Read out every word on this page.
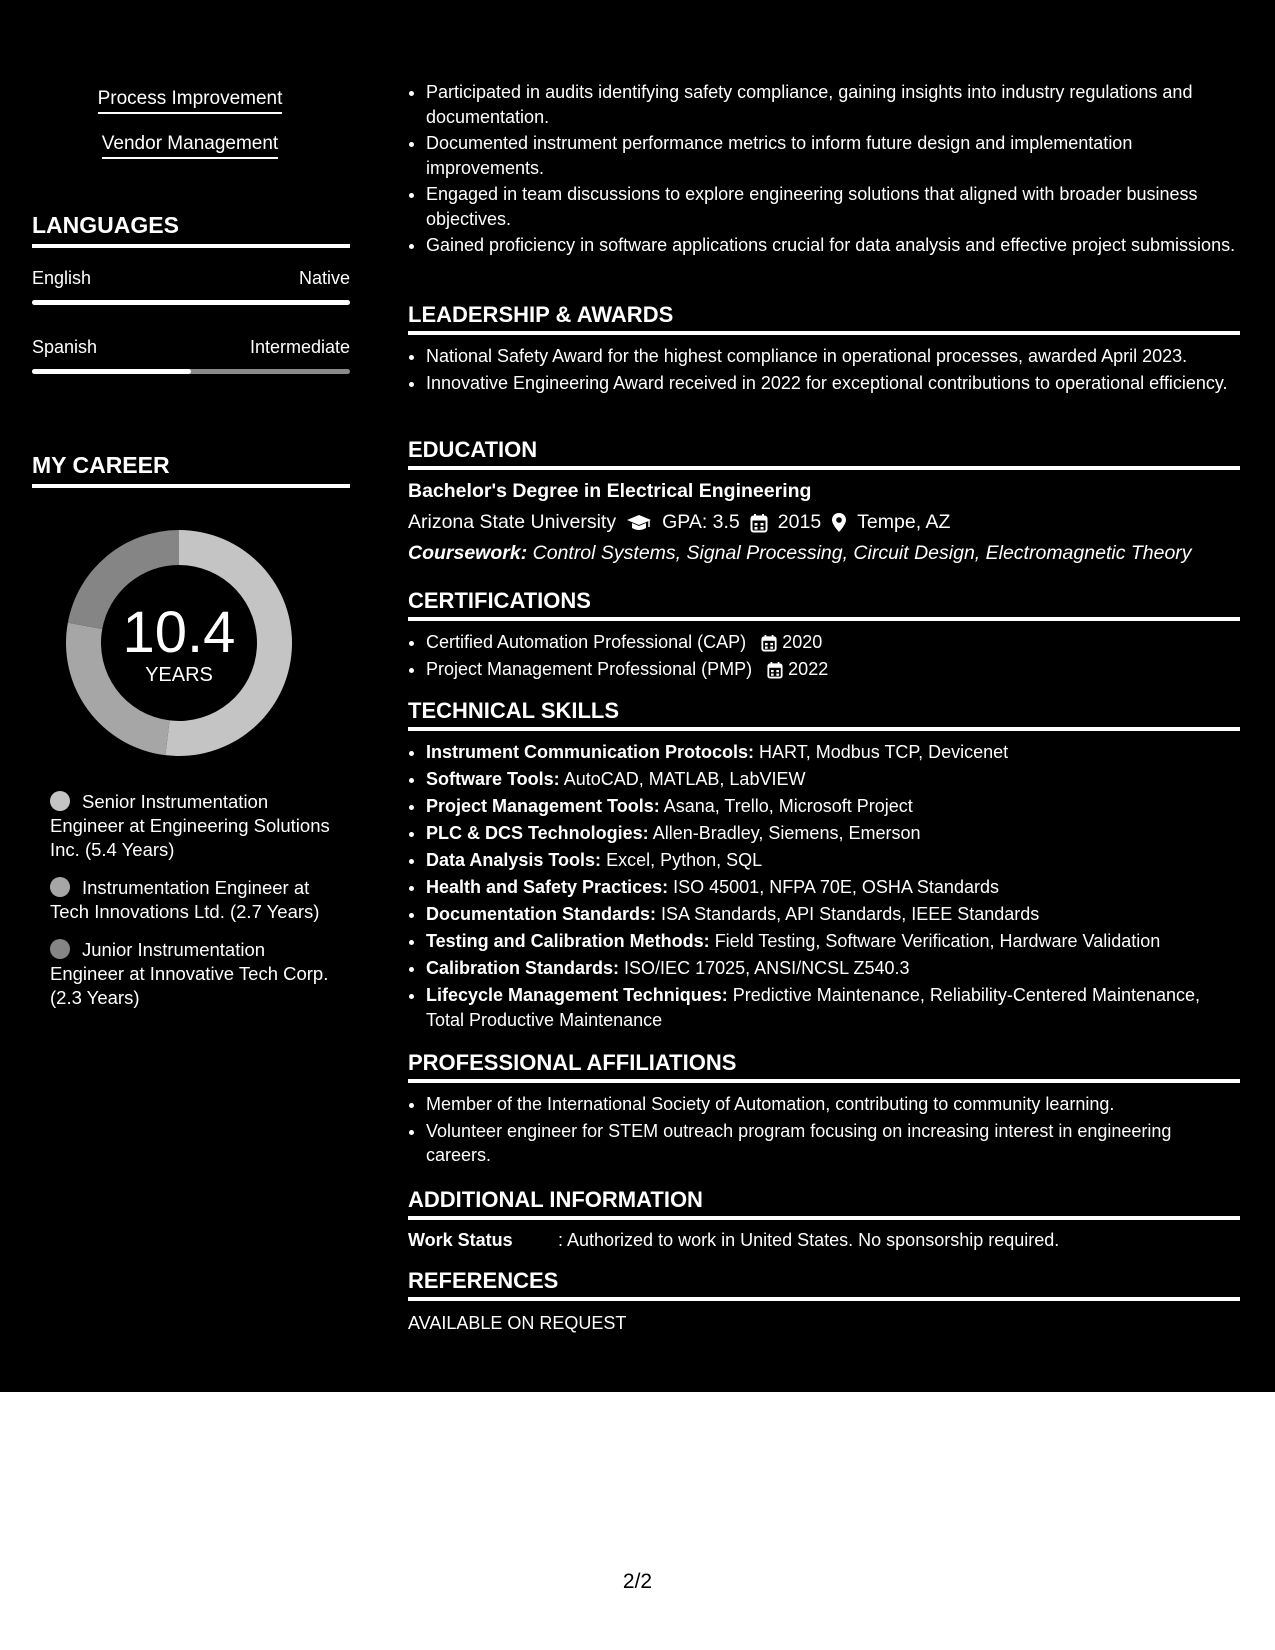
Process Improvement
Vendor Management
LANGUAGES
English	Native
Spanish	Intermediate
MY CAREER
10.4
YEARS
Senior Instrumentation Engineer at Engineering Solutions Inc. (5.4 Years)
Instrumentation Engineer at Tech Innovations Ltd. (2.7 Years)
Junior Instrumentation Engineer at Innovative Tech Corp. (2.3 Years)
• Participated in audits identifying safety compliance, gaining insights into industry regulations and documentation.
• Documented instrument performance metrics to inform future design and implementation improvements.
• Engaged in team discussions to explore engineering solutions that aligned with broader business objectives.
• Gained proficiency in software applications crucial for data analysis and effective project submissions.
LEADERSHIP & AWARDS
• National Safety Award for the highest compliance in operational processes, awarded April 2023.
• Innovative Engineering Award received in 2022 for exceptional contributions to operational efficiency.
EDUCATION
Bachelor's Degree in Electrical Engineering
Arizona State University GPA: 3.5 2015 Tempe, AZ
Coursework: Control Systems, Signal Processing, Circuit Design, Electromagnetic Theory
CERTIFICATIONS
• Certified Automation Professional (CAP) 2020
• Project Management Professional (PMP) 2022
TECHNICAL SKILLS
• Instrument Communication Protocols: HART, Modbus TCP, Devicenet
• Software Tools: AutoCAD, MATLAB, LabVIEW
• Project Management Tools: Asana, Trello, Microsoft Project
• PLC & DCS Technologies: Allen-Bradley, Siemens, Emerson
• Data Analysis Tools: Excel, Python, SQL
• Health and Safety Practices: ISO 45001, NFPA 70E, OSHA Standards
• Documentation Standards: ISA Standards, API Standards, IEEE Standards
• Testing and Calibration Methods: Field Testing, Software Verification, Hardware Validation
• Calibration Standards: ISO/IEC 17025, ANSI/NCSL Z540.3
• Lifecycle Management Techniques: Predictive Maintenance, Reliability-Centered Maintenance, Total Productive Maintenance
PROFESSIONAL AFFILIATIONS
• Member of the International Society of Automation, contributing to community learning.
• Volunteer engineer for STEM outreach program focusing on increasing interest in engineering careers.
ADDITIONAL INFORMATION
Work Status	: Authorized to work in United States. No sponsorship required.
REFERENCES
AVAILABLE ON REQUEST
2/2
